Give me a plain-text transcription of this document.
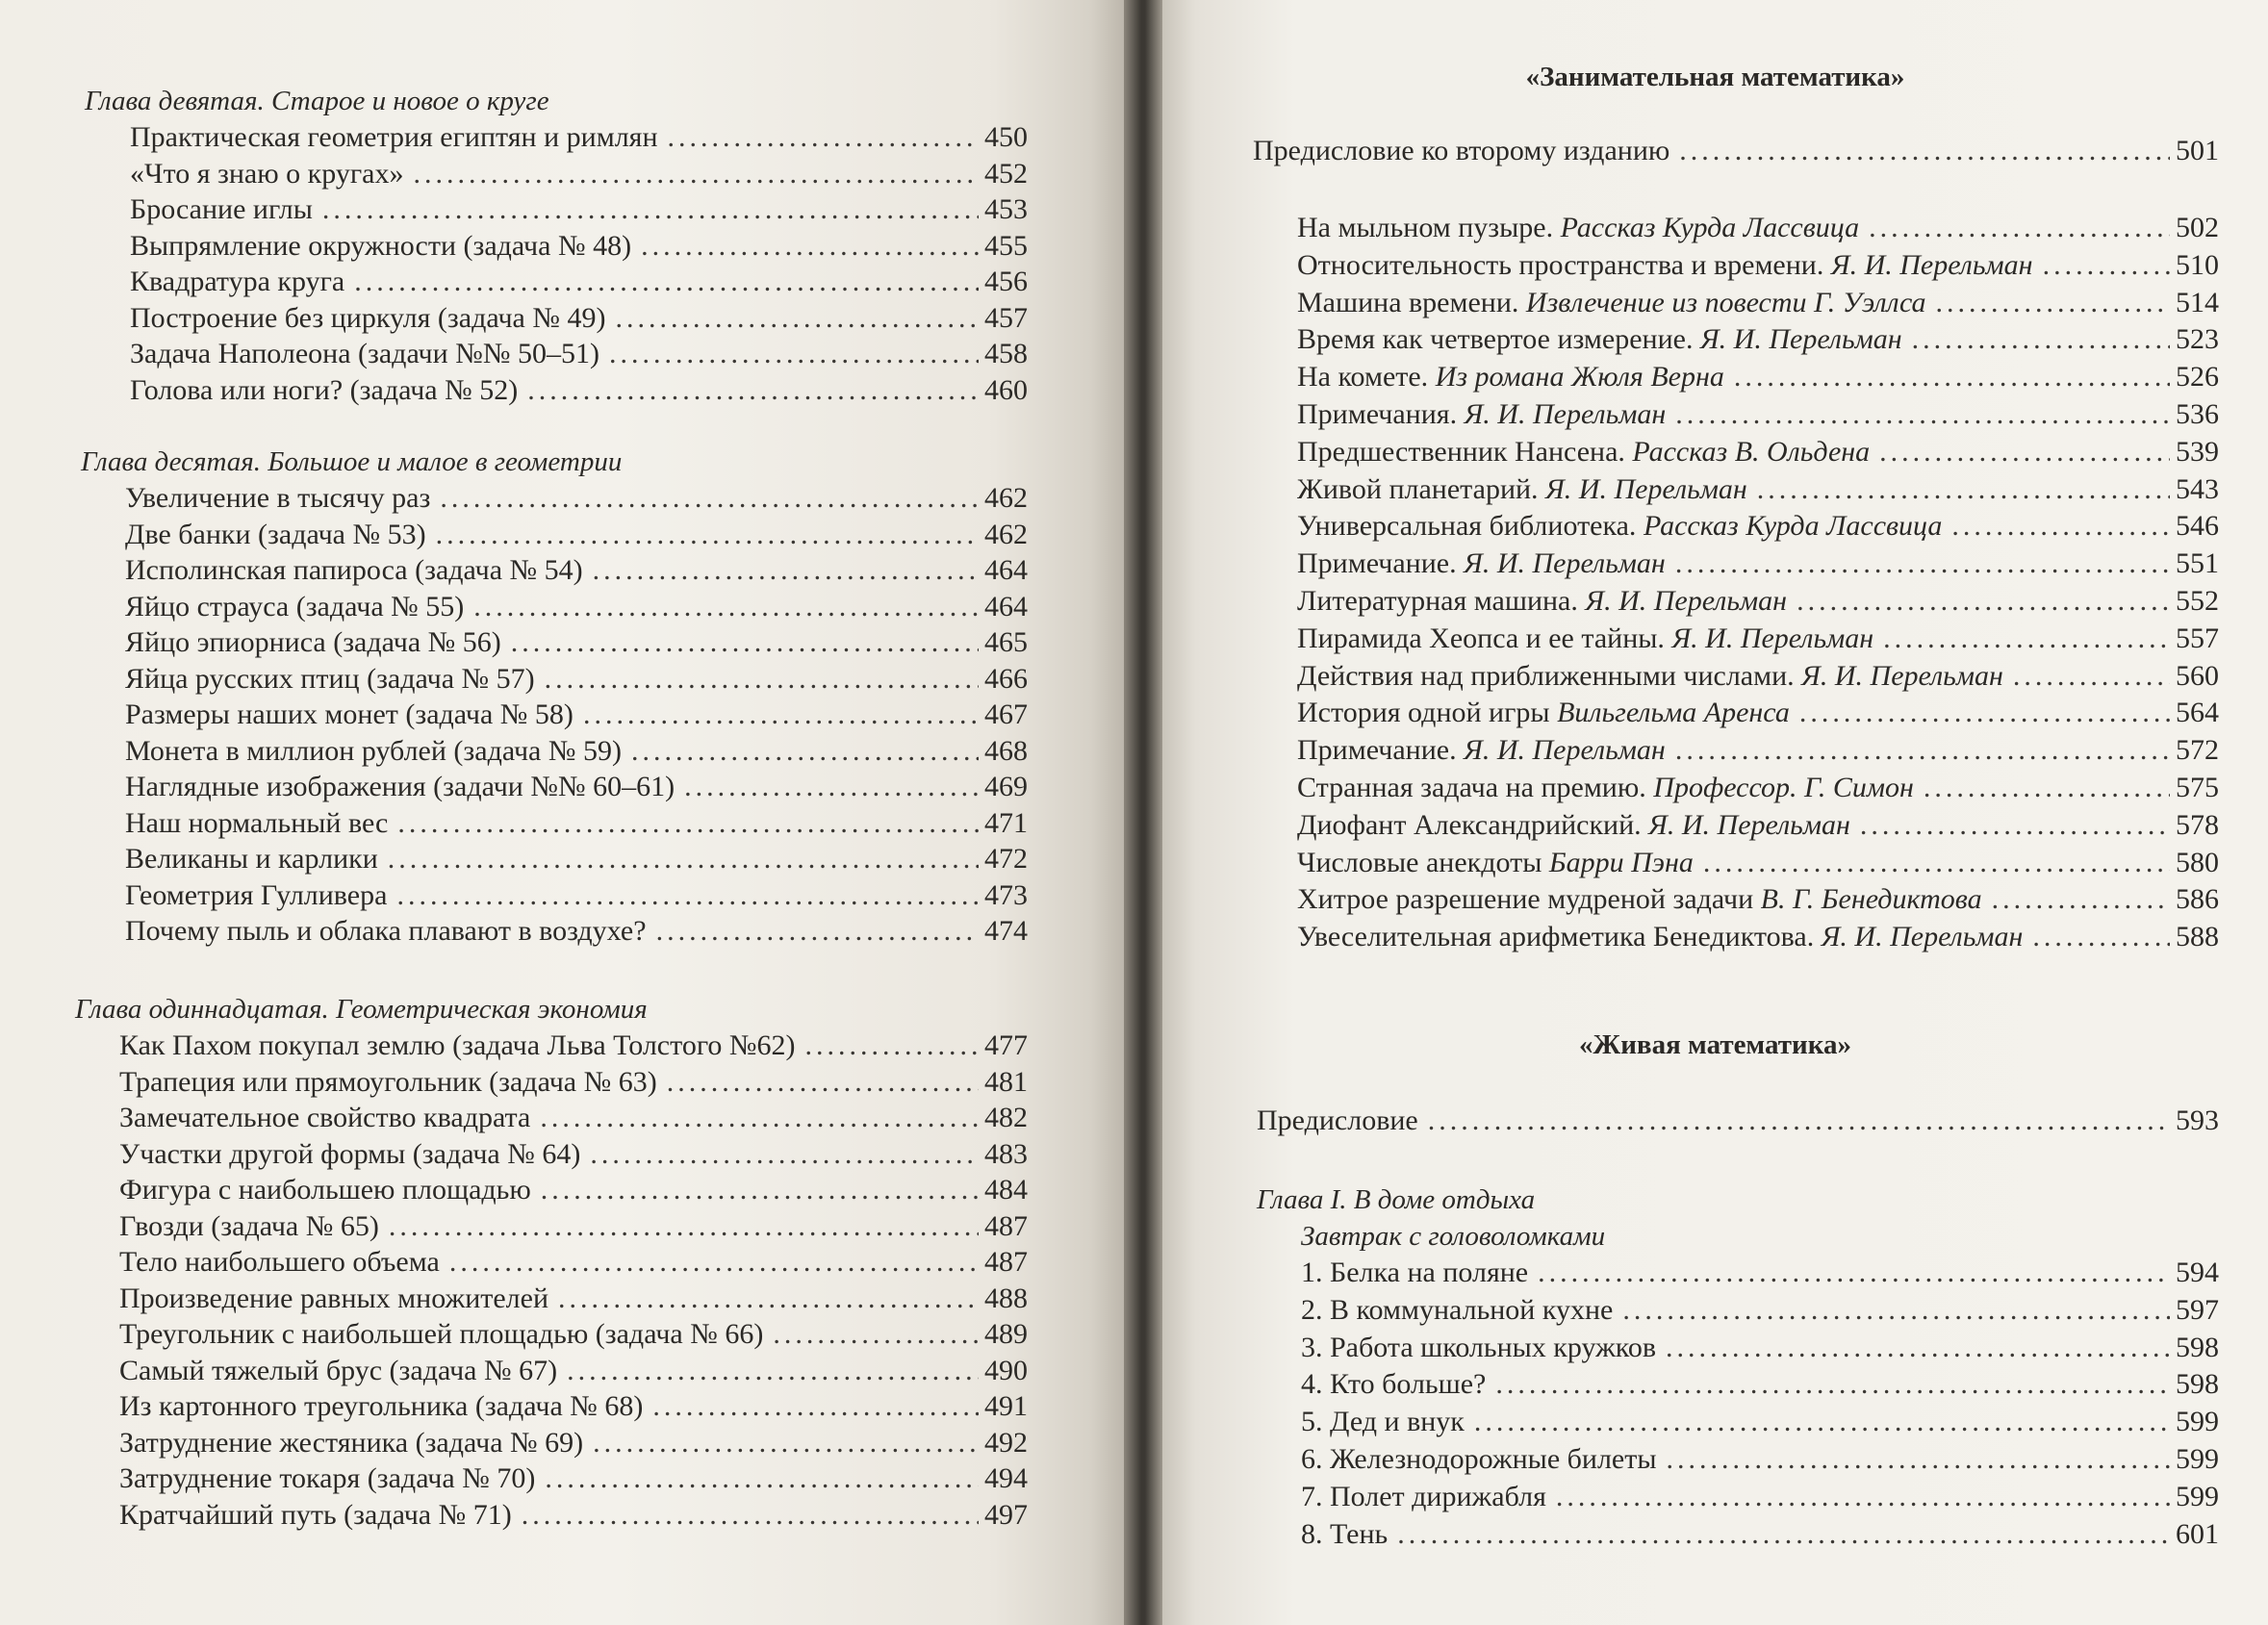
Глава девятая. Старое и новое о круге

Практическая геометрия египтян и римлян .....	450
«Что я знаю о кругах» .....	452
Бросание иглы .....	453
Выпрямление окружности (задача № 48) .....	455
Квадратура круга .....	456
Построение без циркуля (задача № 49) .....	457
Задача Наполеона (задачи №№ 50–51) .....	458
Голова или ноги? (задача № 52) .....	460

Глава десятая. Большое и малое в геометрии

Увеличение в тысячу раз .....	462
Две банки (задача № 53) .....	462
Исполинская папироса (задача № 54) .....	464
Яйцо страуса (задача № 55) .....	464
Яйцо эпиорниса (задача № 56) .....	465
Яйца русских птиц (задача № 57) .....	466
Размеры наших монет (задача № 58) .....	467
Монета в миллион рублей (задача № 59) .....	468
Наглядные изображения (задачи №№ 60–61) .....	469
Наш нормальный вес .....	471
Великаны и карлики .....	472
Геометрия Гулливера .....	473
Почему пыль и облака плавают в воздухе? .....	474

Глава одиннадцатая. Геометрическая экономия

Как Пахом покупал землю (задача Льва Толстого №62) .....	477
Трапеция или прямоугольник (задача № 63) .....	481
Замечательное свойство квадрата .....	482
Участки другой формы (задача № 64) .....	483
Фигура с наибольшею площадью .....	484
Гвозди (задача № 65) .....	487
Тело наибольшего объема .....	487
Произведение равных множителей .....	488
Треугольник с наибольшей площадью (задача № 66) .....	489
Самый тяжелый брус (задача № 67) .....	490
Из картонного треугольника (задача № 68) .....	491
Затруднение жестяника (задача № 69) .....	492
Затруднение токаря (задача № 70) .....	494
Кратчайший путь (задача № 71) .....	497

«Занимательная математика»

Предисловие ко второму изданию .....	501
На мыльном пузыре. Рассказ Курда Лассвица .....	502
Относительность пространства и времени. Я. И. Перельман .....	510
Машина времени. Извлечение из повести Г. Уэллса .....	514
Время как четвертое измерение. Я. И. Перельман .....	523
На комете. Из романа Жюля Верна .....	526
Примечания. Я. И. Перельман .....	536
Предшественник Нансена. Рассказ В. Ольдена .....	539
Живой планетарий. Я. И. Перельман .....	543
Универсальная библиотека. Рассказ Курда Лассвица .....	546
Примечание. Я. И. Перельман .....	551
Литературная машина. Я. И. Перельман .....	552
Пирамида Хеопса и ее тайны. Я. И. Перельман .....	557
Действия над приближенными числами. Я. И. Перельман .....	560
История одной игры Вильгельма Аренса .....	564
Примечание. Я. И. Перельман .....	572
Странная задача на премию. Профессор. Г. Симон .....	575
Диофант Александрийский. Я. И. Перельман .....	578
Числовые анекдоты Барри Пэна .....	580
Хитрое разрешение мудреной задачи В. Г. Бенедиктова .....	586
Увеселительная арифметика Бенедиктова. Я. И. Перельман .....	588

«Живая математика»

Предисловие .....	593

Глава I. В доме отдыха

Завтрак с головоломками

1. Белка на поляне .....	594
2. В коммунальной кухне .....	597
3. Работа школьных кружков .....	598
4. Кто больше? .....	598
5. Дед и внук .....	599
6. Железнодорожные билеты .....	599
7. Полет дирижабля .....	599
8. Тень .....	601
